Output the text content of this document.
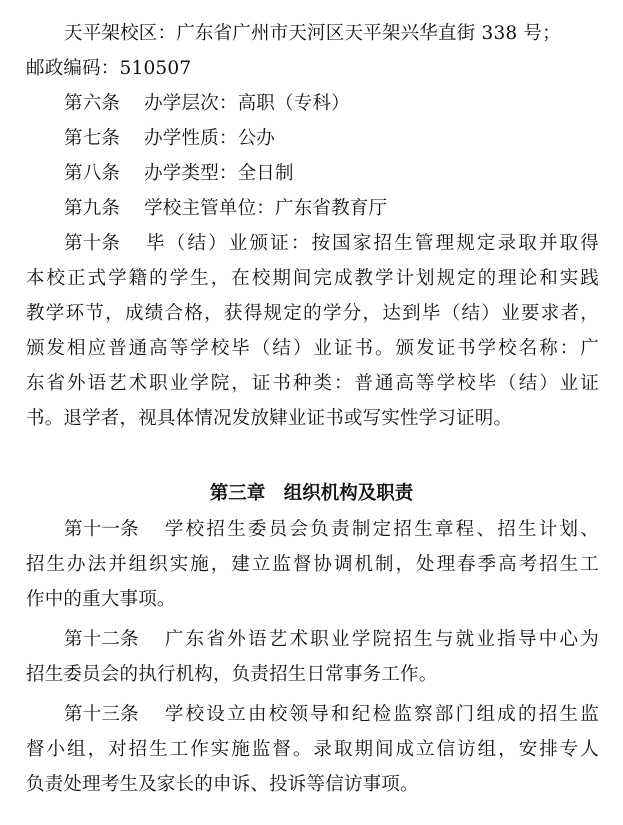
天平架校区：广东省广州市天河区天平架兴华直街 338 号；
邮政编码：510507
第六条 办学层次：高职（专科）
第七条 办学性质：公办
第八条 办学类型：全日制
第九条 学校主管单位：广东省教育厅
第十条 毕（结）业颁证：按国家招生管理规定录取并取得
本校正式学籍的学生，在校期间完成教学计划规定的理论和实践
教学环节，成绩合格，获得规定的学分，达到毕（结）业要求者，
颁发相应普通高等学校毕（结）业证书。颁发证书学校名称：广
东省外语艺术职业学院，证书种类：普通高等学校毕（结）业证
书。退学者，视具体情况发放肄业证书或写实性学习证明。
第三章　组织机构及职责
第十一条 学校招生委员会负责制定招生章程、招生计划、
招生办法并组织实施，建立监督协调机制，处理春季高考招生工
作中的重大事项。
第十二条 广东省外语艺术职业学院招生与就业指导中心为
招生委员会的执行机构，负责招生日常事务工作。
第十三条 学校设立由校领导和纪检监察部门组成的招生监
督小组，对招生工作实施监督。录取期间成立信访组，安排专人
负责处理考生及家长的申诉、投诉等信访事项。
